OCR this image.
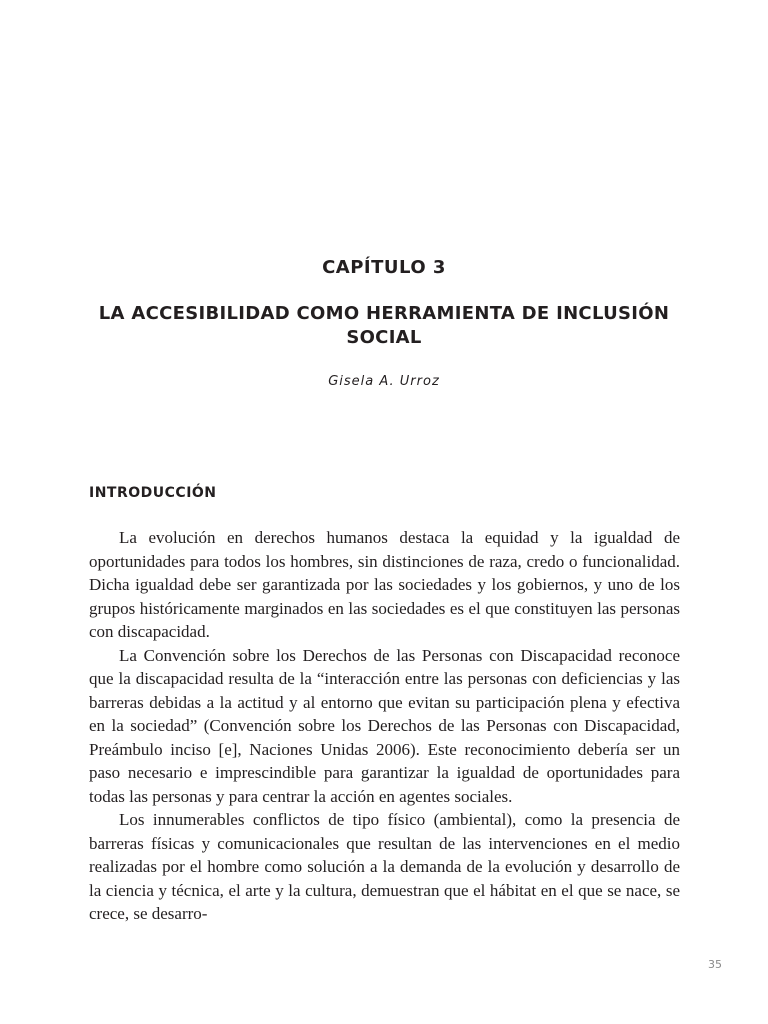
CAPÍTULO 3
LA ACCESIBILIDAD COMO HERRAMIENTA DE INCLUSIÓN SOCIAL

Gisela A. Urroz

INTRODUCCIÓN

La evolución en derechos humanos destaca la equidad y la igualdad de oportunidades para todos los hombres, sin distinciones de raza, credo o funcionalidad. Dicha igualdad debe ser garantizada por las sociedades y los gobiernos, y uno de los grupos históricamente marginados en las sociedades es el que constituyen las personas con discapacidad.

La Convención sobre los Derechos de las Personas con Discapacidad reconoce que la discapacidad resulta de la “interacción entre las personas con deficiencias y las barreras debidas a la actitud y al entorno que evitan su participación plena y efectiva en la sociedad” (Convención sobre los Derechos de las Personas con Discapacidad, Preámbulo inciso [e], Naciones Unidas 2006). Este reconocimiento debería ser un paso necesario e imprescindible para garantizar la igualdad de oportunidades para todas las personas y para centrar la acción en agentes sociales.

Los innumerables conflictos de tipo físico (ambiental), como la presencia de barreras físicas y comunicacionales que resultan de las intervenciones en el medio realizadas por el hombre como solución a la demanda de la evolución y desarrollo de la ciencia y técnica, el arte y la cultura, demuestran que el hábitat en el que se nace, se crece, se desarro-

35
